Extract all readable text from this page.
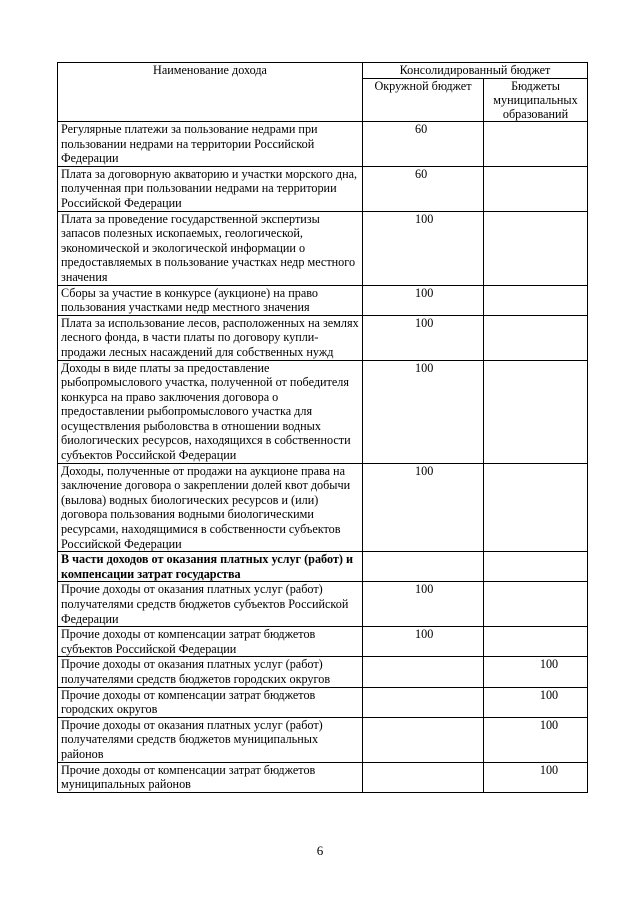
Наименование дохода	Консолидированный бюджет	
	Окружной бюджет	Бюджеты муниципальных образований
Регулярные платежи за пользование недрами при пользовании недрами на территории Российской Федерации	60	
Плата за договорную акваторию и участки морского дна, полученная при пользовании недрами на территории Российской Федерации	60	
Плата за проведение государственной экспертизы запасов полезных ископаемых, геологической, экономической и экологической информации о предоставляемых в пользование участках недр местного значения	100	
Сборы за участие в конкурсе (аукционе) на право пользования участками недр местного значения	100	
Плата за использование лесов, расположенных на землях лесного фонда, в части платы по договору купли-продажи лесных насаждений для собственных нужд	100	
Доходы в виде платы за предоставление рыбопромыслового участка, полученной от победителя конкурса на право заключения договора о предоставлении рыбопромыслового участка для осуществления рыболовства в отношении водных биологических ресурсов, находящихся в собственности субъектов Российской Федерации	100	
Доходы, полученные от продажи на аукционе права на заключение договора о закреплении долей квот добычи (вылова) водных биологических ресурсов и (или) договора пользования водными биологическими ресурсами, находящимися в собственности субъектов Российской Федерации	100	
В части доходов от оказания платных услуг (работ) и компенсации затрат государства		
Прочие доходы от оказания платных услуг (работ) получателями средств бюджетов субъектов Российской Федерации	100	
Прочие доходы от компенсации затрат бюджетов субъектов Российской Федерации	100	
Прочие доходы от оказания платных услуг (работ) получателями средств бюджетов городских округов		100
Прочие доходы от компенсации затрат бюджетов городских округов		100
Прочие доходы от оказания платных услуг (работ) получателями средств бюджетов муниципальных районов		100
Прочие доходы от компенсации затрат бюджетов муниципальных районов		100
6
